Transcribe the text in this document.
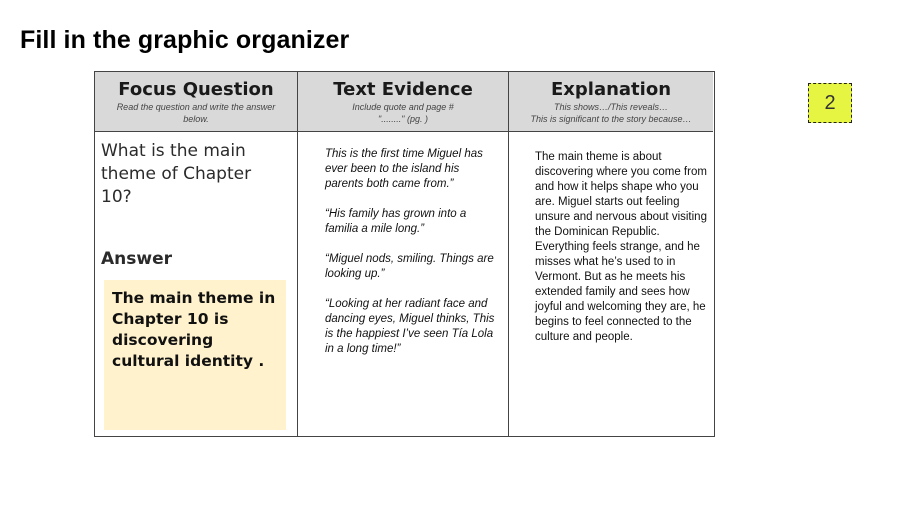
Fill in the graphic organizer
Focus Question
Read the question and write the answer
below.
What is the main theme of Chapter 10?
Answer
The main theme in Chapter 10 is discovering cultural identity .
Text Evidence
Include quote and page #
"........" (pg. )

This is the first time Miguel has ever been to the island his parents both came from.”

“His family has grown into a familia a mile long.”

“Miguel nods, smiling. Things are looking up.”

“Looking at her radiant face and dancing eyes, Miguel thinks, This is the happiest I’ve seen Tía Lola in a long time!”

Explanation
This shows…/This reveals…
This is significant to the story because…
The main theme is about discovering where you come from and how it helps shape who you are. Miguel starts out feeling unsure and nervous about visiting the Dominican Republic. Everything feels strange, and he misses what he’s used to in Vermont. But as he meets his extended family and sees how joyful and welcoming they are, he begins to feel connected to the culture and people.
2
